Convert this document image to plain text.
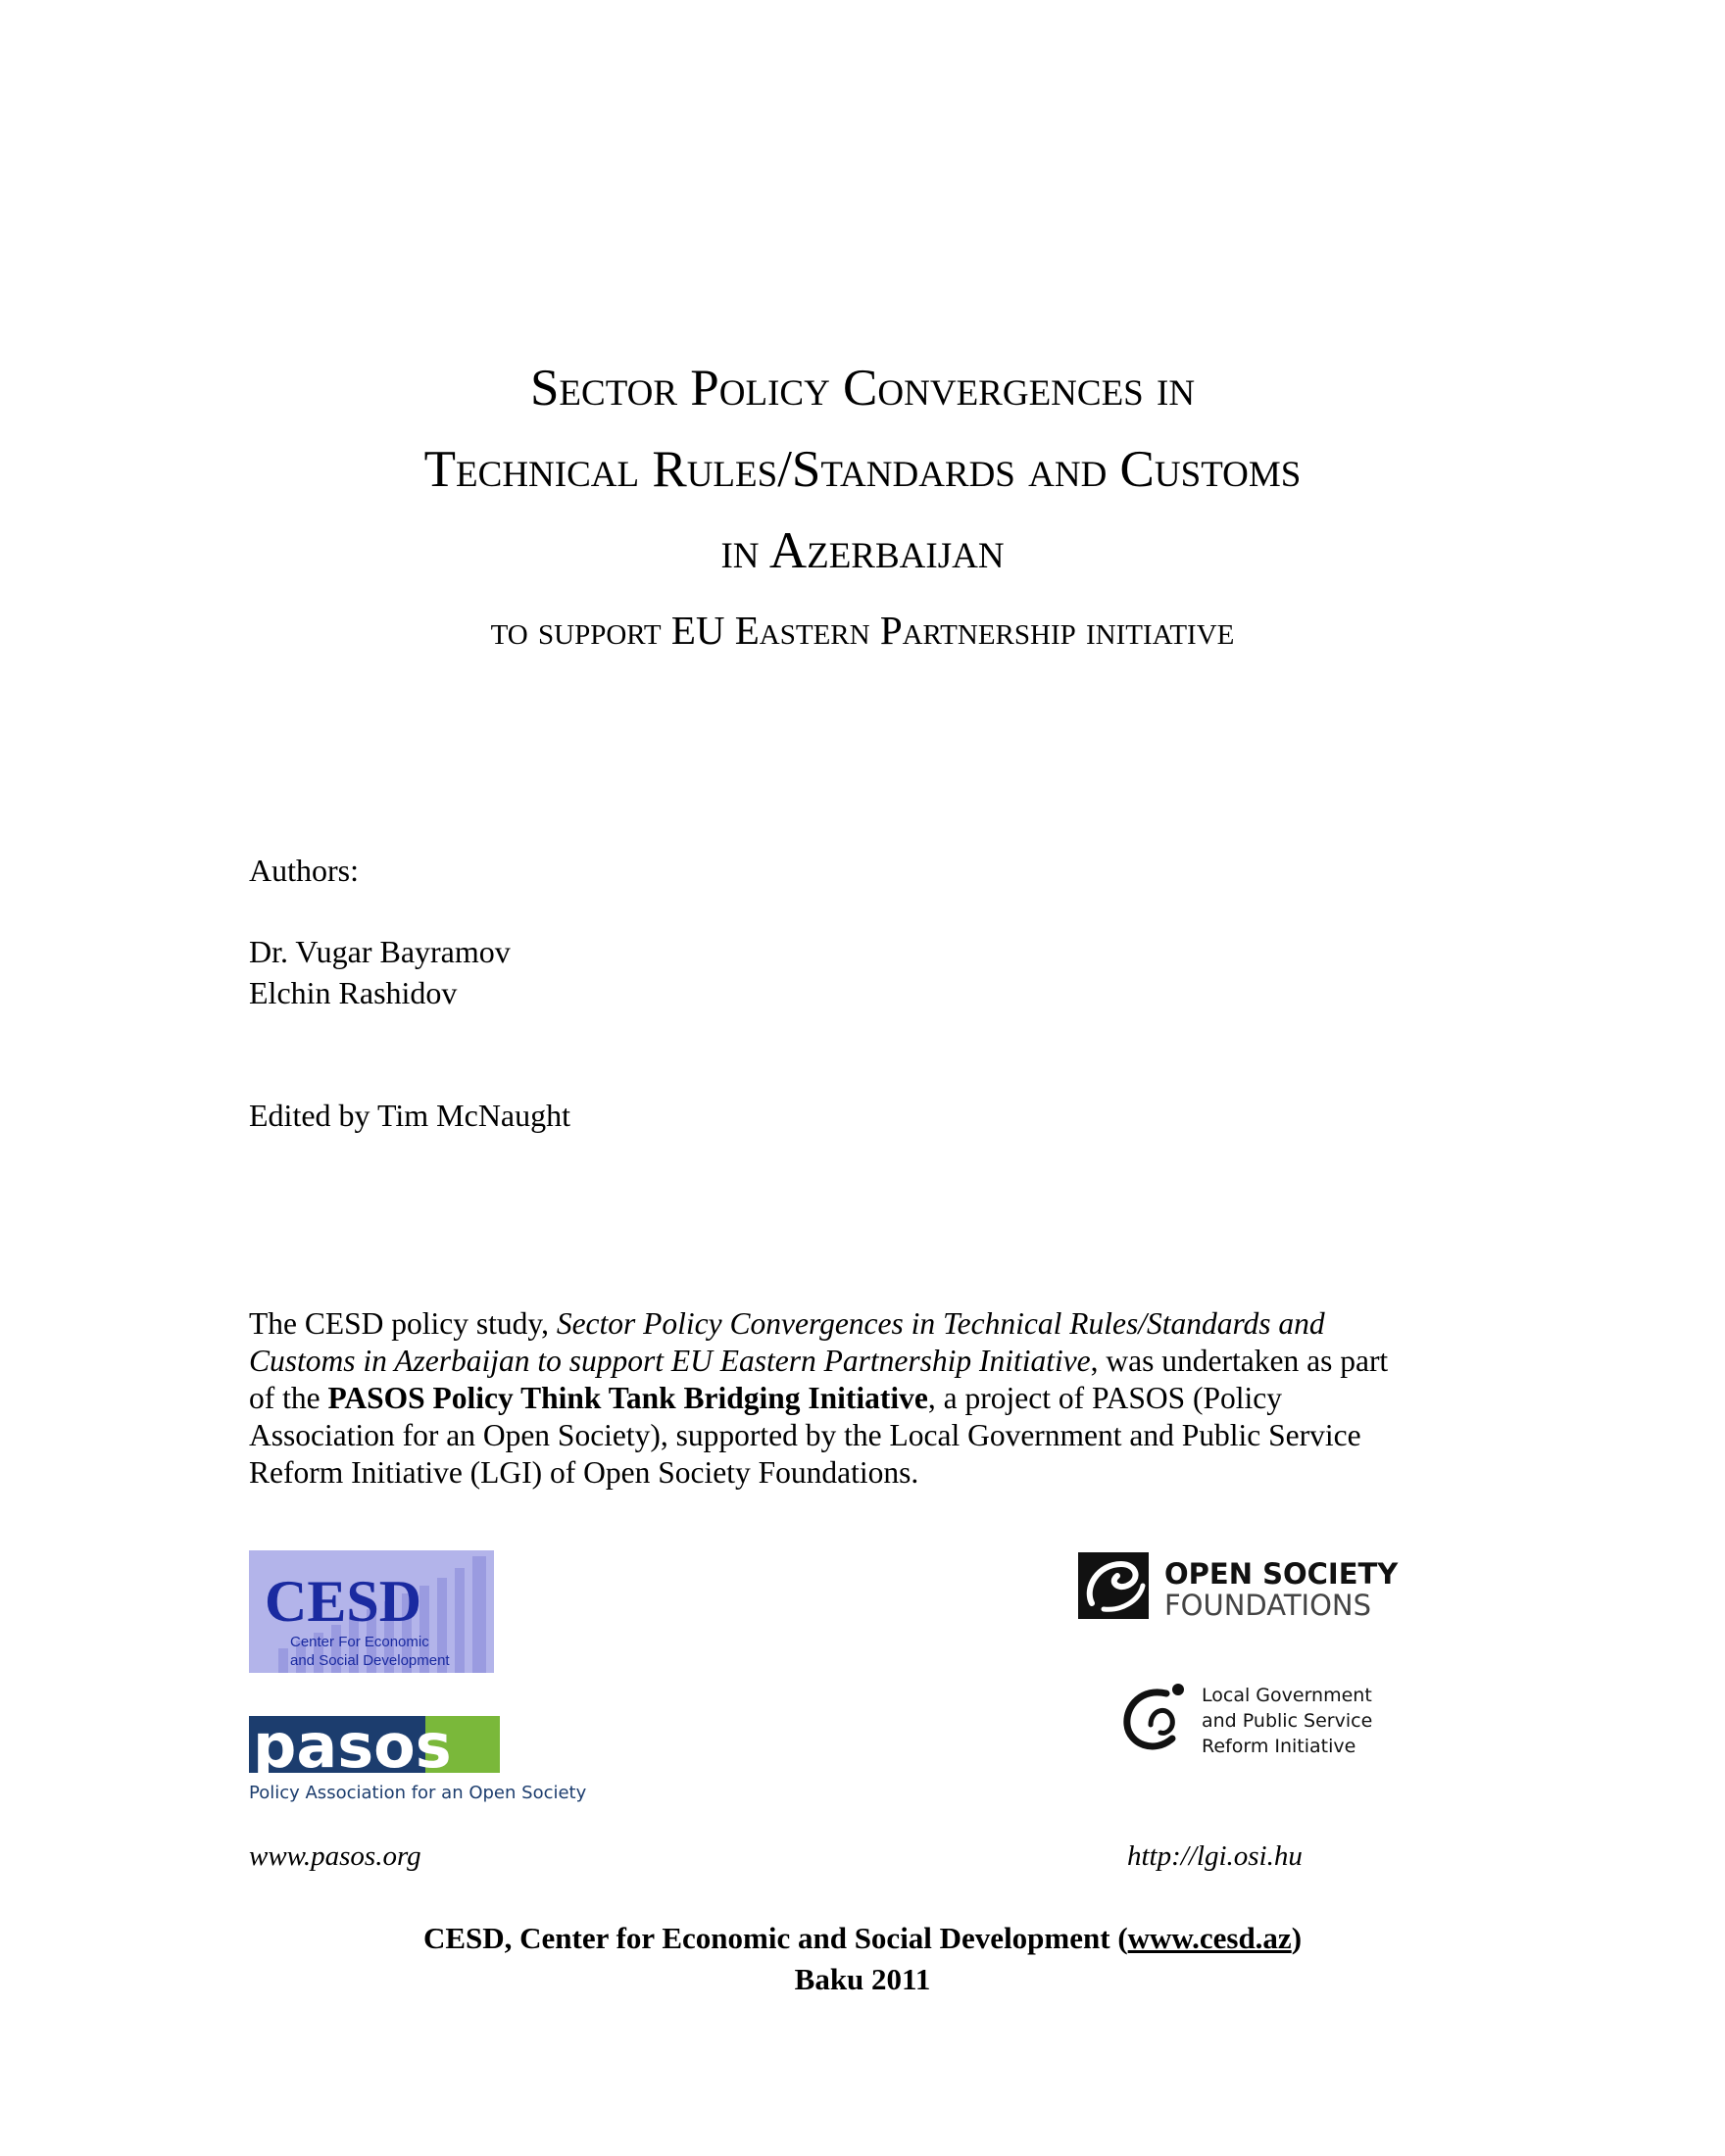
Sector Policy Convergences in
Technical Rules/Standards and Customs
in Azerbaijan
to support EU Eastern Partnership initiative
Authors:
Dr. Vugar Bayramov
Elchin Rashidov
Edited by Tim McNaught
The CESD policy study, Sector Policy Convergences in Technical Rules/Standards and
Customs in Azerbaijan to support EU Eastern Partnership Initiative, was undertaken as part
of the PASOS Policy Think Tank Bridging Initiative, a project of PASOS (Policy
Association for an Open Society), supported by the Local Government and Public Service
Reform Initiative (LGI) of Open Society Foundations.
CESD
Center For Economic
and Social Development
OPEN SOCIETY
FOUNDATIONS
Local Government
and Public Service
Reform Initiative
pasos
Policy Association for an Open Society
www.pasos.org	http://lgi.osi.hu
CESD, Center for Economic and Social Development (www.cesd.az)
Baku 2011
